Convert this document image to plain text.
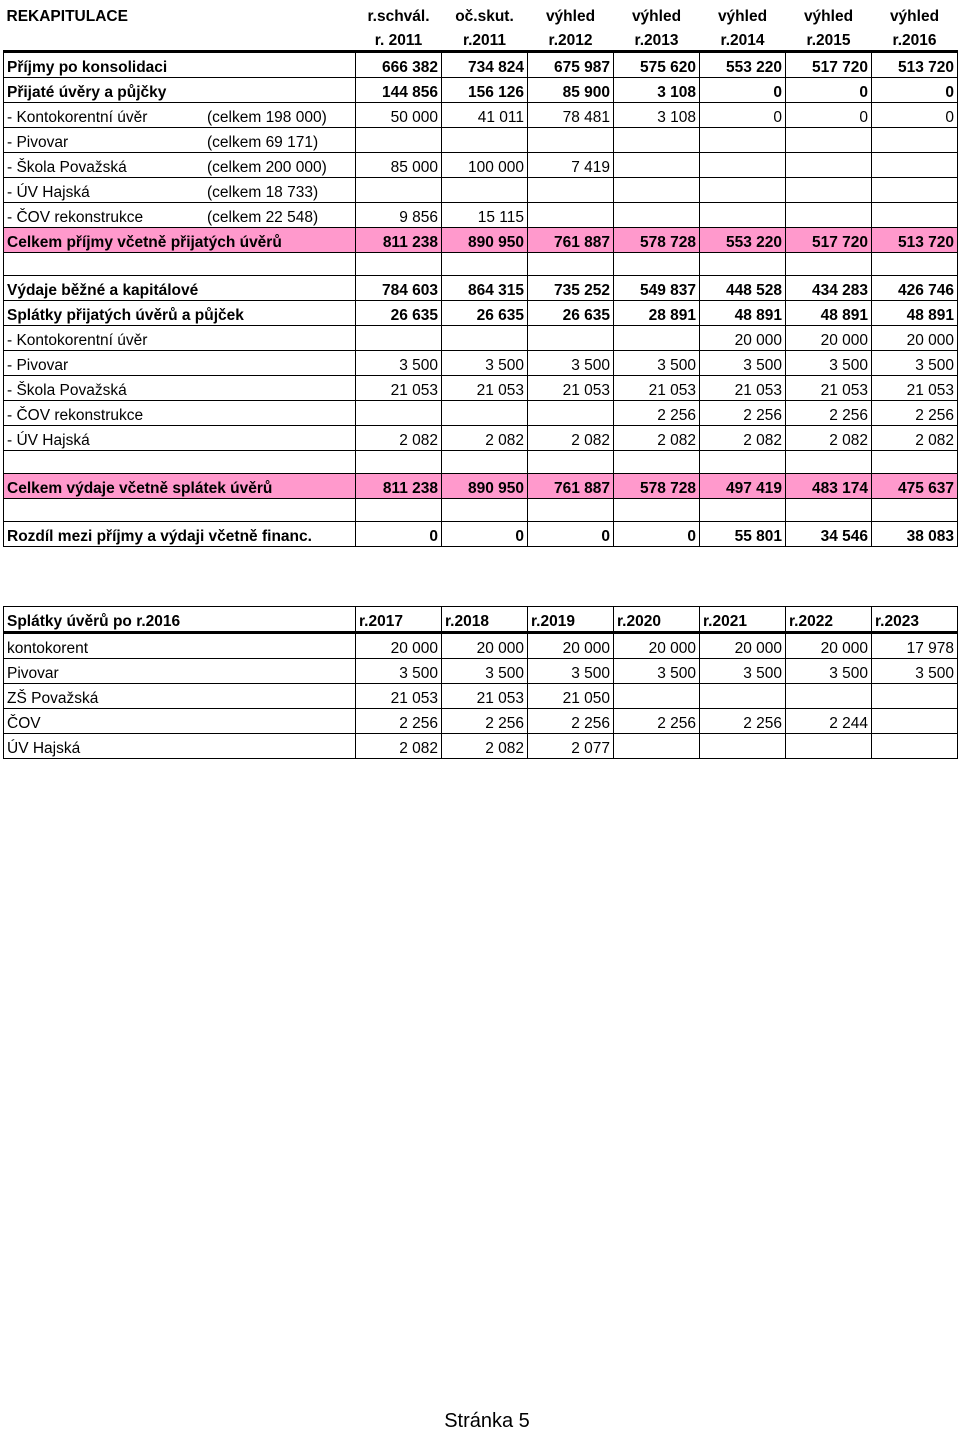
REKAPITULACE	r.schvál.	oč.skut.	výhled	výhled	výhled	výhled	výhled
	r. 2011	r.2011	r.2012	r.2013	r.2014	r.2015	r.2016
Příjmy po konsolidaci	666 382	734 824	675 987	575 620	553 220	517 720	513 720
Přijaté úvěry a půjčky	144 856	156 126	85 900	3 108	0	0	0
- Kontokorentní úvěr (celkem 198 000)	50 000	41 011	78 481	3 108	0	0	0
- Pivovar (celkem 69 171)							
- Škola Považská (celkem 200 000)	85 000	100 000	7 419				
- ÚV Hajská (celkem 18 733)							
- ČOV rekonstrukce (celkem 22 548)	9 856	15 115					
Celkem příjmy včetně přijatých úvěrů	811 238	890 950	761 887	578 728	553 220	517 720	513 720

Výdaje běžné a kapitálové	784 603	864 315	735 252	549 837	448 528	434 283	426 746
Splátky přijatých úvěrů a půjček	26 635	26 635	26 635	28 891	48 891	48 891	48 891
- Kontokorentní úvěr					20 000	20 000	20 000
- Pivovar	3 500	3 500	3 500	3 500	3 500	3 500	3 500
- Škola Považská	21 053	21 053	21 053	21 053	21 053	21 053	21 053
- ČOV rekonstrukce				2 256	2 256	2 256	2 256
- ÚV Hajská	2 082	2 082	2 082	2 082	2 082	2 082	2 082

Celkem výdaje včetně splátek úvěrů	811 238	890 950	761 887	578 728	497 419	483 174	475 637

Rozdíl mezi příjmy a výdaji včetně financ.	0	0	0	0	55 801	34 546	38 083
Splátky úvěrů po r.2016	r.2017	r.2018	r.2019	r.2020	r.2021	r.2022	r.2023
kontokorent	20 000	20 000	20 000	20 000	20 000	20 000	17 978
Pivovar	3 500	3 500	3 500	3 500	3 500	3 500	3 500
ZŠ Považská	21 053	21 053	21 050				
ČOV	2 256	2 256	2 256	2 256	2 256	2 244	
ÚV Hajská	2 082	2 082	2 077				
Stránka 5
